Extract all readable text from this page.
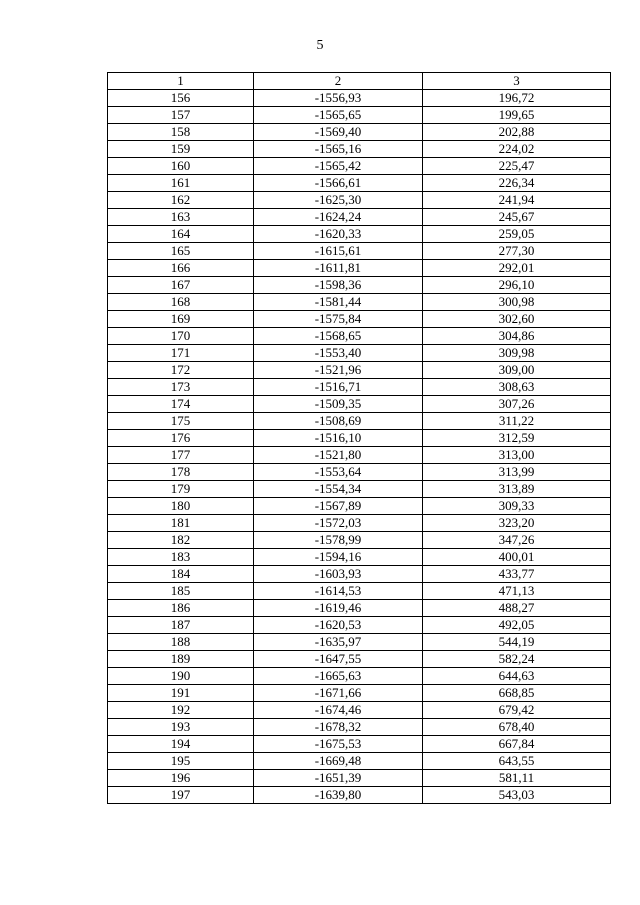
5
1	2	3
156	-1556,93	196,72
157	-1565,65	199,65
158	-1569,40	202,88
159	-1565,16	224,02
160	-1565,42	225,47
161	-1566,61	226,34
162	-1625,30	241,94
163	-1624,24	245,67
164	-1620,33	259,05
165	-1615,61	277,30
166	-1611,81	292,01
167	-1598,36	296,10
168	-1581,44	300,98
169	-1575,84	302,60
170	-1568,65	304,86
171	-1553,40	309,98
172	-1521,96	309,00
173	-1516,71	308,63
174	-1509,35	307,26
175	-1508,69	311,22
176	-1516,10	312,59
177	-1521,80	313,00
178	-1553,64	313,99
179	-1554,34	313,89
180	-1567,89	309,33
181	-1572,03	323,20
182	-1578,99	347,26
183	-1594,16	400,01
184	-1603,93	433,77
185	-1614,53	471,13
186	-1619,46	488,27
187	-1620,53	492,05
188	-1635,97	544,19
189	-1647,55	582,24
190	-1665,63	644,63
191	-1671,66	668,85
192	-1674,46	679,42
193	-1678,32	678,40
194	-1675,53	667,84
195	-1669,48	643,55
196	-1651,39	581,11
197	-1639,80	543,03
